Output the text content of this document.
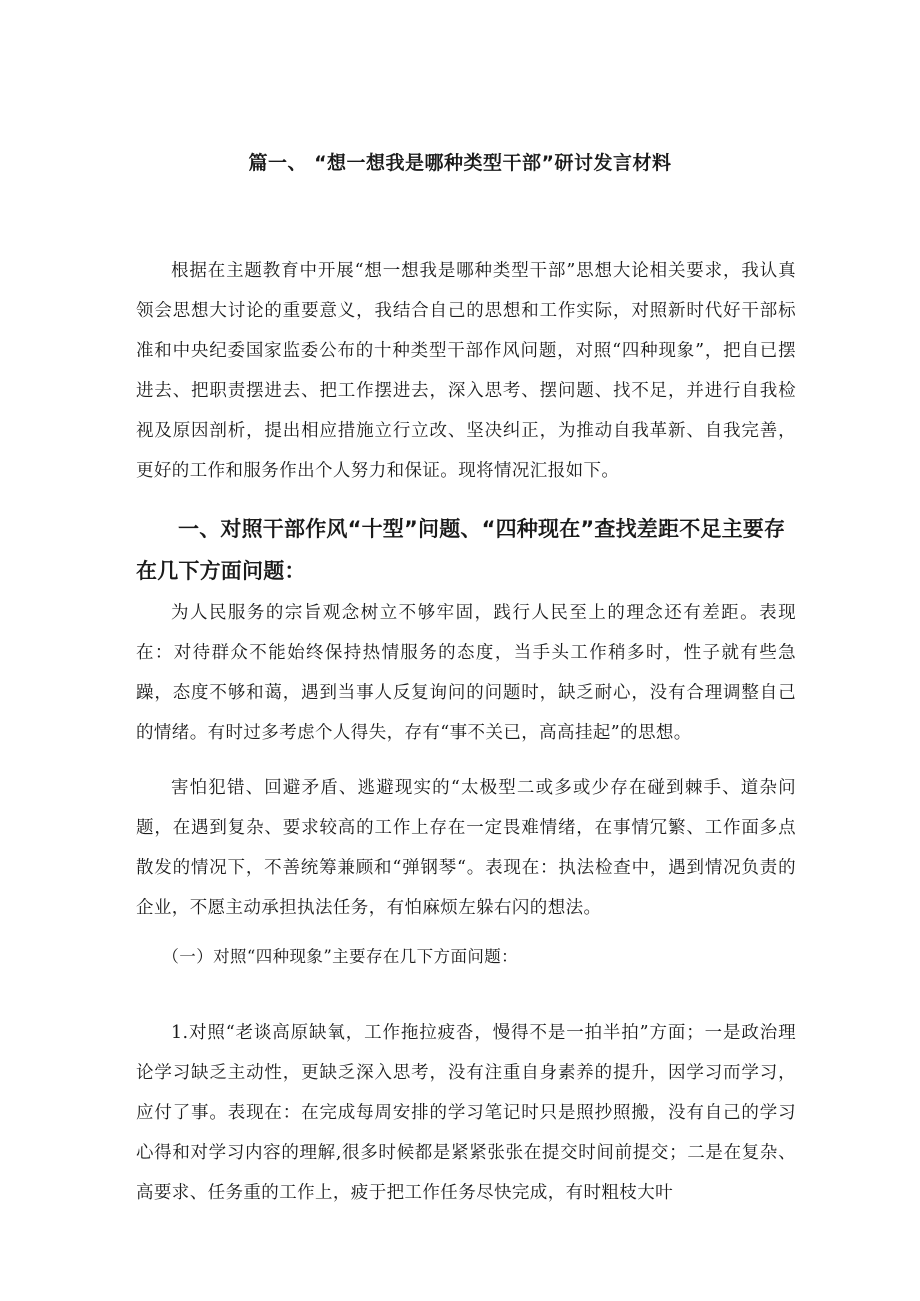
篇一、 “想一想我是哪种类型干部”研讨发言材料

根据在主题教育中开展“想一想我是哪种类型干部”思想大论相关要求，我认真领会思想大讨论的重要意义，我结合自己的思想和工作实际，对照新时代好干部标准和中央纪委国家监委公布的十种类型干部作风问题，对照“四种现象”，把自已摆进去、把职责摆进去、把工作摆进去，深入思考、摆问题、找不足，并进行自我检视及原因剖析，提出相应措施立行立改、坚决纠正，为推动自我革新、自我完善，更好的工作和服务作出个人努力和保证。现将情况汇报如下。

一、对照干部作风“十型”问题、“四种现在”查找差距不足主要存在几下方面问题：

为人民服务的宗旨观念树立不够牢固，践行人民至上的理念还有差距。表现在：对待群众不能始终保持热情服务的态度，当手头工作稍多时，性子就有些急躁，态度不够和蔼，遇到当事人反复询问的问题时，缺乏耐心，没有合理调整自己的情绪。有时过多考虑个人得失，存有“事不关已，高高挂起”的思想。

害怕犯错、回避矛盾、逃避现实的“太极型二或多或少存在碰到棘手、道杂问题，在遇到复杂、要求较高的工作上存在一定畏难情绪，在事情冗繁、工作面多点散发的情况下，不善统筹兼顾和“弹钢琴“。表现在：执法检查中，遇到情况负责的企业，不愿主动承担执法任务，有怕麻烦左躲右闪的想法。

（一）对照“四种现象”主要存在几下方面问题：

1.对照“老谈高原缺氧，工作拖拉疲沓，慢得不是一拍半拍”方面；一是政治理论学习缺乏主动性，更缺乏深入思考，没有注重自身素养的提升，因学习而学习，应付了事。表现在：在完成每周安排的学习笔记时只是照抄照搬，没有自己的学习心得和对学习内容的理解,很多时候都是紧紧张张在提交时间前提交；二是在复杂、高要求、任务重的工作上，疲于把工作任务尽快完成，有时粗枝大叶
